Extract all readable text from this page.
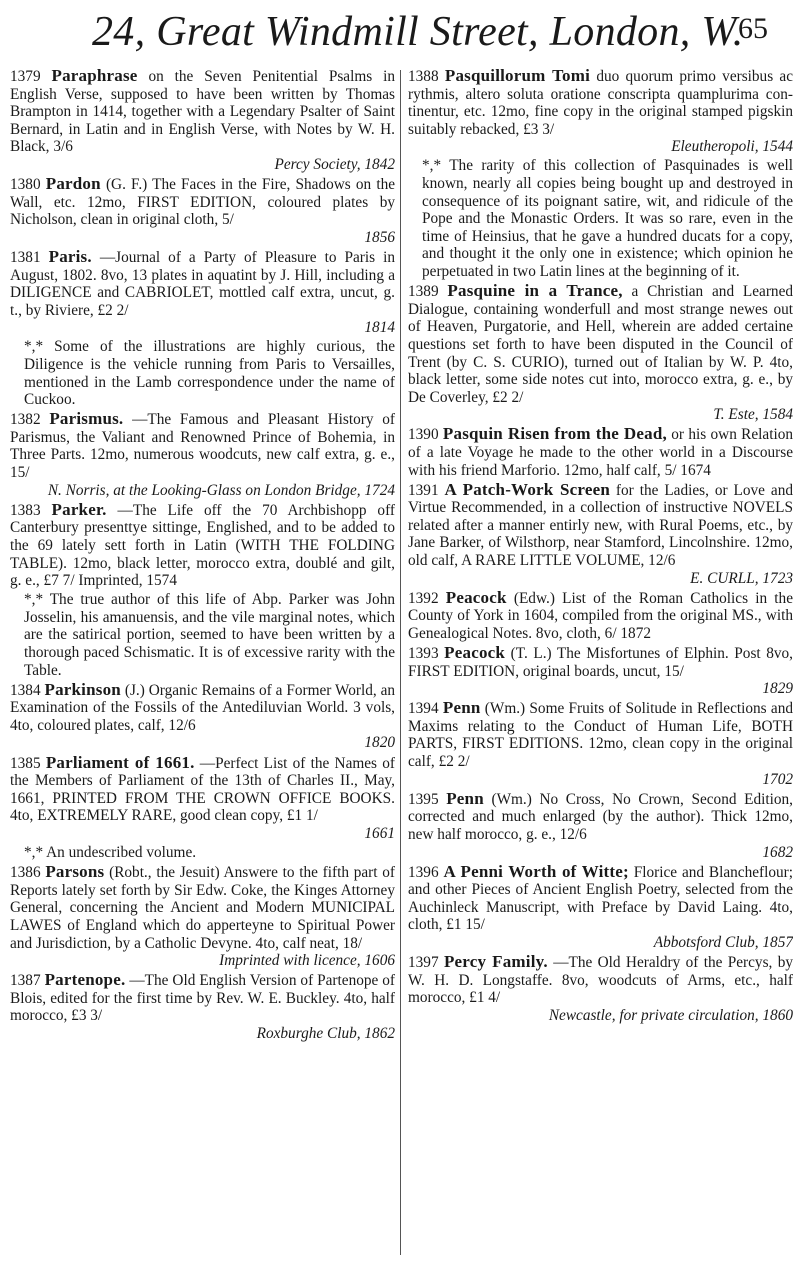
24, Great Windmill Street, London, W.
65

1379 Paraphrase on the Seven Penitential Psalms in English Verse, supposed to have been written by Thomas Brampton in 1414, together with a Legendary Psalter of Saint Bernard, in Latin and in English Verse, with Notes by W. H. Black, 3/6
Percy Society, 1842

1380 Pardon (G. F.) The Faces in the Fire, Shadows on the Wall, etc. 12mo, FIRST EDITION, coloured plates by Nicholson, clean in original cloth, 5/
1856

1381 Paris. —Journal of a Party of Pleasure to Paris in August, 1802. 8vo, 13 plates in aquatint by J. Hill, including a DILIGENCE and CABRIOLET, mottled calf extra, uncut, g. t., by Riviere, £2 2/
1814

*,* Some of the illustrations are highly curious, the Diligence is the vehicle running from Paris to Versailles, mentioned in the Lamb correspondence under the name of Cuckoo.

1382 Parismus. —The Famous and Pleasant History of Parismus, the Valiant and Renowned Prince of Bohemia, in Three Parts. 12mo, numerous woodcuts, new calf extra, g. e., 15/
N. Norris, at the Looking-Glass on London Bridge, 1724

1383 Parker. —The Life off the 70 Archbishopp off Canterbury presenttye sittinge, Englished, and to be added to the 69 lately sett forth in Latin (WITH THE FOLDING TABLE). 12mo, black letter, morocco extra, doublé and gilt, g. e., £7 7/ Imprinted, 1574

*,* The true author of this life of Abp. Parker was John Josselin, his amanuensis, and the vile marginal notes, which are the satirical portion, seemed to have been written by a thorough paced Schismatic. It is of excessive rarity with the Table.

1384 Parkinson (J.) Organic Remains of a Former World, an Examination of the Fossils of the Antediluvian World. 3 vols, 4to, coloured plates, calf, 12/6
1820

1385 Parliament of 1661. —Perfect List of the Names of the Members of Parliament of the 13th of Charles II., May, 1661, PRINTED FROM THE CROWN OFFICE BOOKS. 4to, EXTREMELY RARE, good clean copy, £1 1/
1661

*,* An undescribed volume.

1386 Parsons (Robt., the Jesuit) Answere to the fifth part of Reports lately set forth by Sir Edw. Coke, the Kinges Attorney General, concerning the Ancient and Modern MUNICIPAL LAWES of England which do apperteyne to Spiritual Power and Jurisdiction, by a Catholic Devyne. 4to, calf neat, 18/
Imprinted with licence, 1606

1387 Partenope. —The Old English Version of Partenope of Blois, edited for the first time by Rev. W. E. Buckley. 4to, half morocco, £3 3/
Roxburghe Club, 1862

1388 Pasquillorum Tomi duo quorum primo versibus ac rythmis, altero soluta oratione conscripta quamplurima con-tinentur, etc. 12mo, fine copy in the original stamped pigskin suitably rebacked, £3 3/
Eleutheropoli, 1544

*,* The rarity of this collection of Pasquinades is well known, nearly all copies being bought up and destroyed in consequence of its poignant satire, wit, and ridicule of the Pope and the Monastic Orders. It was so rare, even in the time of Heinsius, that he gave a hundred ducats for a copy, and thought it the only one in existence; which opinion he perpetuated in two Latin lines at the beginning of it.

1389 Pasquine in a Trance, a Christian and Learned Dialogue, containing wonderfull and most strange newes out of Heaven, Purgatorie, and Hell, wherein are added certaine questions set forth to have been disputed in the Council of Trent (by C. S. CURIO), turned out of Italian by W. P. 4to, black letter, some side notes cut into, morocco extra, g. e., by De Coverley, £2 2/
T. Este, 1584

1390 Pasquin Risen from the Dead, or his own Relation of a late Voyage he made to the other world in a Discourse with his friend Marforio. 12mo, half calf, 5/ 1674

1391 A Patch-Work Screen for the Ladies, or Love and Virtue Recommended, in a collection of instructive NOVELS related after a manner entirly new, with Rural Poems, etc., by Jane Barker, of Wilsthorp, near Stamford, Lincolnshire. 12mo, old calf, A RARE LITTLE VOLUME, 12/6
E. CURLL, 1723

1392 Peacock (Edw.) List of the Roman Catholics in the County of York in 1604, compiled from the original MS., with Genealogical Notes. 8vo, cloth, 6/ 1872

1393 Peacock (T. L.) The Misfortunes of Elphin. Post 8vo, FIRST EDITION, original boards, uncut, 15/
1829

1394 Penn (Wm.) Some Fruits of Solitude in Reflections and Maxims relating to the Conduct of Human Life, BOTH PARTS, FIRST EDITIONS. 12mo, clean copy in the original calf, £2 2/
1702

1395 Penn (Wm.) No Cross, No Crown, Second Edition, corrected and much enlarged (by the author). Thick 12mo, new half morocco, g. e., 12/6
1682

1396 A Penni Worth of Witte; Florice and Blancheflour; and other Pieces of Ancient English Poetry, selected from the Auchinleck Manuscript, with Preface by David Laing. 4to, cloth, £1 15/
Abbotsford Club, 1857

1397 Percy Family. —The Old Heraldry of the Percys, by W. H. D. Longstaffe. 8vo, woodcuts of Arms, etc., half morocco, £1 4/
Newcastle, for private circulation, 1860
